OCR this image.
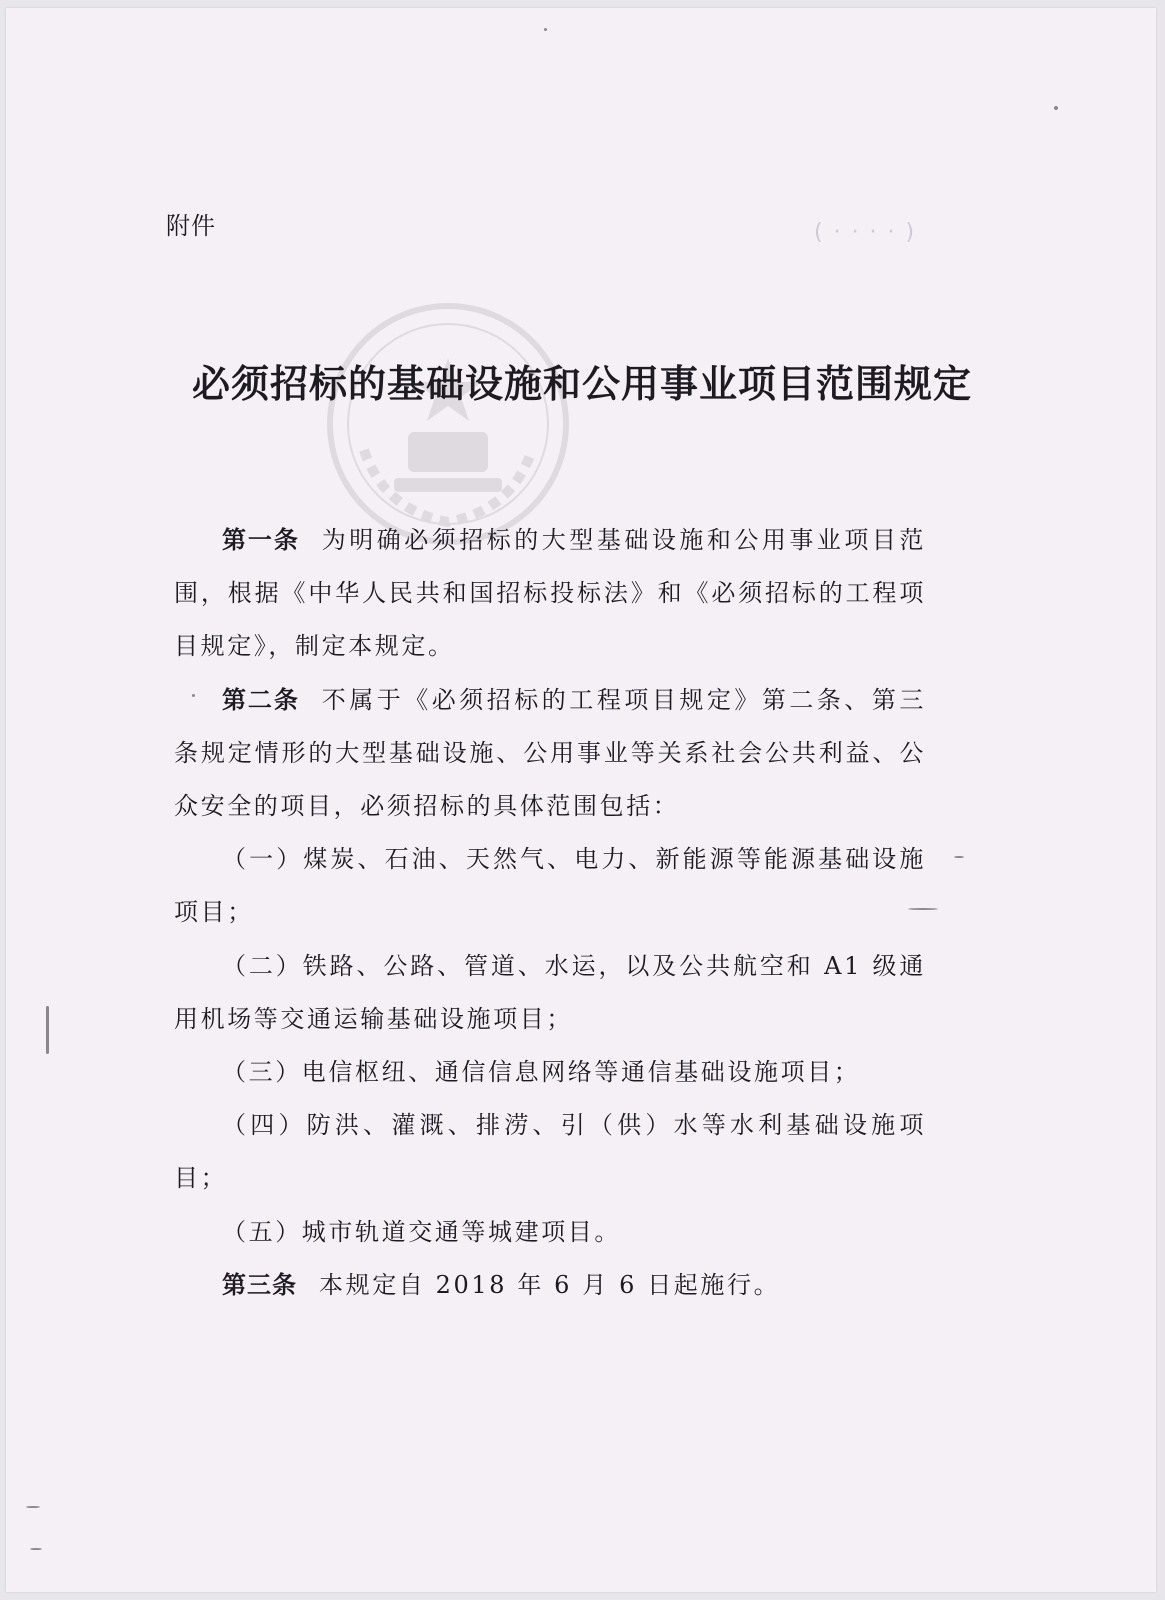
( · · · · )
附件
必须招标的基础设施和公用事业项目范围规定

第一条 为明确必须招标的大型基础设施和公用事业项目范围，根据《中华人民共和国招标投标法》和《必须招标的工程项目规定》，制定本规定。

第二条 不属于《必须招标的工程项目规定》第二条、第三条规定情形的大型基础设施、公用事业等关系社会公共利益、公众安全的项目，必须招标的具体范围包括：

（一）煤炭、石油、天然气、电力、新能源等能源基础设施项目；

（二）铁路、公路、管道、水运，以及公共航空和 A1 级通用机场等交通运输基础设施项目；

（三）电信枢纽、通信信息网络等通信基础设施项目；

（四）防洪、灌溉、排涝、引（供）水等水利基础设施项目；

（五）城市轨道交通等城建项目。

第三条 本规定自 2018 年 6 月 6 日起施行。
